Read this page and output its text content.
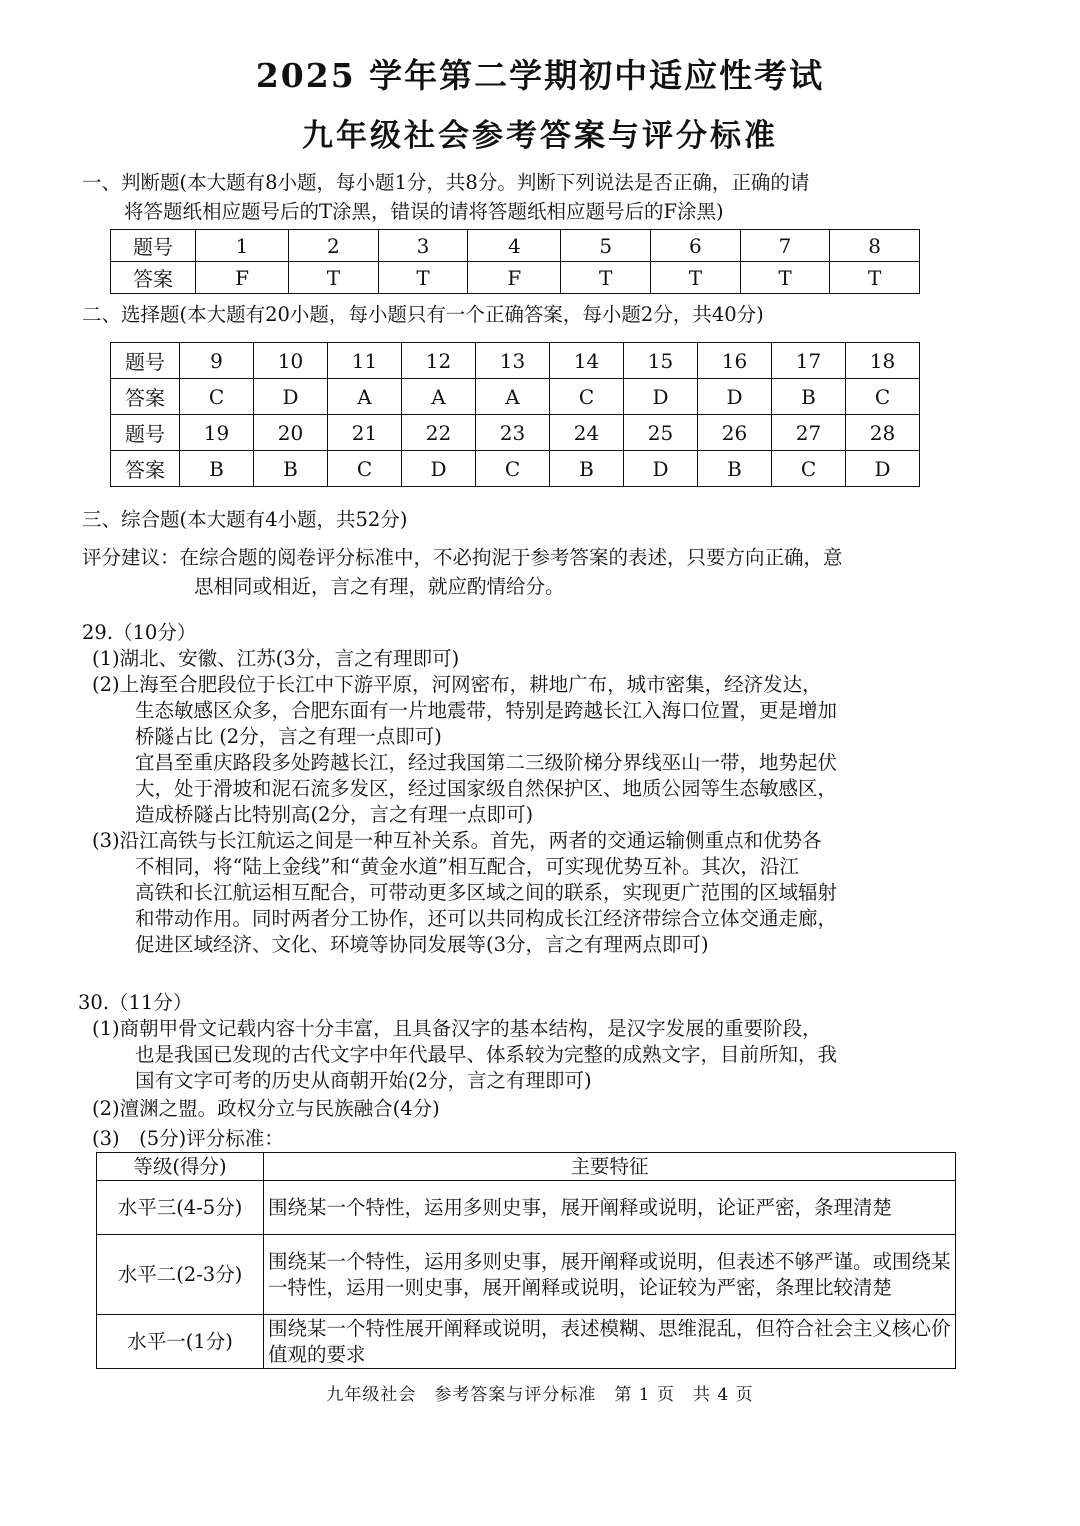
2025 学年第二学期初中适应性考试
九年级社会参考答案与评分标准
一、判断题(本大题有8小题，每小题1分，共8分。判断下列说法是否正确，正确的请
将答题纸相应题号后的T涂黑，错误的请将答题纸相应题号后的F涂黑)
题号	1	2	3	4	5	6	7	8
答案	F	T	T	F	T	T	T	T
二、选择题(本大题有20小题，每小题只有一个正确答案，每小题2分，共40分)
题号	9	10	11	12	13	14	15	16	17	18
答案	C	D	A	A	A	C	D	D	B	C
题号	19	20	21	22	23	24	25	26	27	28
答案	B	B	C	D	C	B	D	B	C	D
三、综合题(本大题有4小题，共52分)
评分建议：在综合题的阅卷评分标准中，不必拘泥于参考答案的表述，只要方向正确，意
思相同或相近，言之有理，就应酌情给分。
29.（10分）
(1)湖北、安徽、江苏(3分，言之有理即可)
(2)上海至合肥段位于长江中下游平原，河网密布，耕地广布，城市密集，经济发达，
生态敏感区众多，合肥东面有一片地震带，特别是跨越长江入海口位置，更是增加
桥隧占比 (2分，言之有理一点即可)
宜昌至重庆路段多处跨越长江，经过我国第二三级阶梯分界线巫山一带，地势起伏
大，处于滑坡和泥石流多发区，经过国家级自然保护区、地质公园等生态敏感区，
造成桥隧占比特别高(2分，言之有理一点即可)
(3)沿江高铁与长江航运之间是一种互补关系。首先，两者的交通运输侧重点和优势各
不相同，将“陆上金线”和“黄金水道”相互配合，可实现优势互补。其次，沿江
高铁和长江航运相互配合，可带动更多区域之间的联系，实现更广范围的区域辐射
和带动作用。同时两者分工协作，还可以共同构成长江经济带综合立体交通走廊，
促进区域经济、文化、环境等协同发展等(3分，言之有理两点即可)
30.（11分）
(1)商朝甲骨文记载内容十分丰富，且具备汉字的基本结构，是汉字发展的重要阶段，
也是我国已发现的古代文字中年代最早、体系较为完整的成熟文字，目前所知，我
国有文字可考的历史从商朝开始(2分，言之有理即可)
(2)澶渊之盟。政权分立与民族融合(4分)
(3)　(5分)评分标准：
等级(得分)	主要特征
水平三(4-5分)	围绕某一个特性，运用多则史事，展开阐释或说明，论证严密，条理清楚
水平二(2-3分)	围绕某一个特性，运用多则史事，展开阐释或说明，但表述不够严谨。或围绕某一特性，运用一则史事，展开阐释或说明，论证较为严密，条理比较清楚
水平一(1分)	围绕某一个特性展开阐释或说明，表述模糊、思维混乱，但符合社会主义核心价值观的要求
九年级社会　参考答案与评分标准　第 1 页　共 4 页
